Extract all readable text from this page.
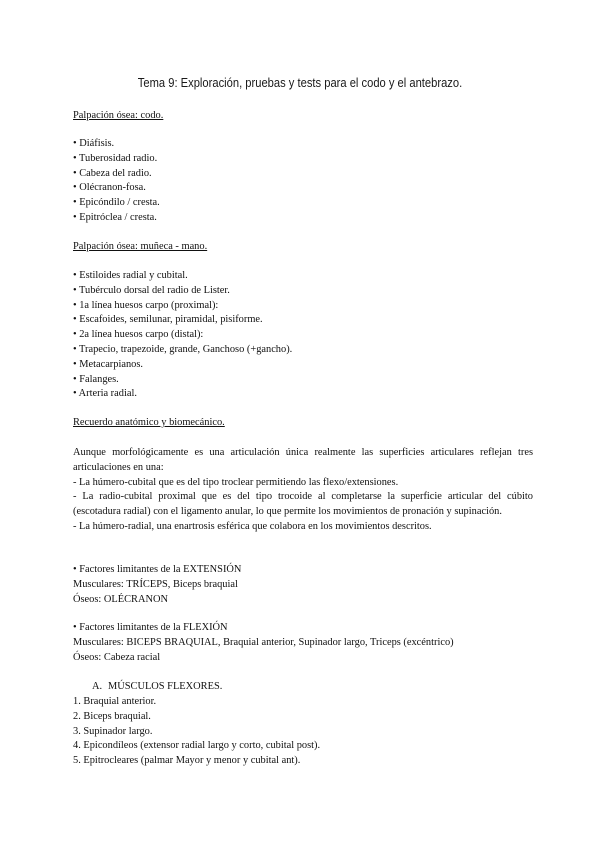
Tema 9: Exploración, pruebas y tests para el codo y el antebrazo.
Palpación ósea: codo.
• Diáfisis.
• Tuberosidad radio.
• Cabeza del radio.
• Olécranon-fosa.
• Epicóndilo / cresta.
• Epitróclea / cresta.
Palpación ósea: muñeca - mano.
• Estiloides radial y cubital.
• Tubérculo dorsal del radio de Lister.
• 1a línea huesos carpo (proximal):
• Escafoides, semilunar, piramidal, pisiforme.
• 2a línea huesos carpo (distal):
• Trapecio, trapezoide, grande, Ganchoso (+gancho).
• Metacarpianos.
• Falanges.
• Arteria radial.
Recuerdo anatómico y biomecánico.

Aunque morfológicamente es una articulación única realmente las superficies articulares reflejan tres articulaciones en una:

- La húmero-cubital que es del tipo troclear permitiendo las flexo/extensiones.

- La radio-cubital proximal que es del tipo trocoide al completarse la superficie articular del cúbito (escotadura radial) con el ligamento anular, lo que permite los movimientos de pronación y supinación.

- La húmero-radial, una enartrosis esférica que colabora en los movimientos descritos.

• Factores limitantes de la EXTENSIÓN
Musculares: TRÍCEPS, Biceps braquial
Óseos: OLÉCRANON
• Factores limitantes de la FLEXIÓN
Musculares: BICEPS BRAQUIAL, Braquial anterior, Supinador largo, Triceps (excéntrico)
Óseos: Cabeza racial
A. MÚSCULOS FLEXORES.
1. Braquial anterior.
2. Biceps braquial.
3. Supinador largo.
4. Epicondíleos (extensor radial largo y corto, cubital post).
5. Epitrocleares (palmar Mayor y menor y cubital ant).
